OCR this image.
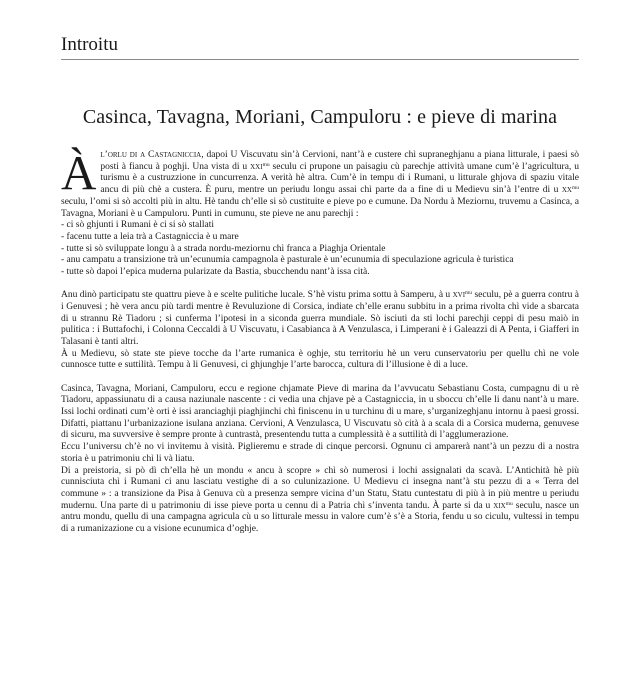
Introitu
Casinca, Tavagna, Moriani, Campuloru : e pieve di marina

Àl’orlu di a Castagniccia, dapoi U Viscuvatu sin’à Cervioni, nant’à e custere chì supraneghjanu a piana litturale, i paesi sò posti à fiancu à poghji. Una vista di u xxi$^{mu}$ seculu ci prupone un paisagiu cù parechje attività umane cum’è l’agricultura, u turismu è a custruzzione in cuncurrenza. A verità hè altra. Cum’è in tempu di i Rumani, u litturale ghjova di spaziu vitale ancu di più chè a custera. È puru, mentre un periudu longu assai chì parte da a fine di u Medievu sin’à l’entre di u $xx^{mu}$ seculu, l’omi si sò accolti più in altu. Hè tandu ch’elle si sò custituite e pieve po e cumune. Da Nordu à Meziornu, truvemu a Casinca, a Tavagna, Moriani è u Campuloru. Punti in cumunu, ste pieve ne anu parechji :

- ci sò ghjunti i Rumani è ci si sò stallati
- facenu tutte a leia trà a Castagniccia è u mare
- tutte si sò sviluppate longu à a strada nordu-meziornu chì franca a Piaghja Orientale
- anu campatu a transizione trà un’ecunumia campagnola è pasturale è un’ecunumia di speculazione agricula è turistica
- tutte sò dapoi l’epica muderna pularizate da Bastia, sbucchendu nant’à issa cità.

Anu dinò participatu ste quattru pieve à e scelte pulitiche lucale. S’hè vistu prima sottu à Samperu, à u xvi$^{mu}$ seculu, pè a guerra contru à i Genuvesi ; hè vera ancu più tardi mentre è Revuluzione di Corsica, indiate ch’elle eranu subbitu in a prima rivolta chì vide a sbarcata di u strannu Rè Tiadoru ; si cunferma l’ipotesi in a siconda guerra mundiale. Sò isciuti da sti lochi parechji ceppi di pesu maiò in pulitica : i Buttafochi, i Colonna Ceccaldi à U Viscuvatu, i Casabianca à A Venzulasca, i Limperani è i Galeazzi di A Penta, i Giafferi in Talasani è tanti altri.

À u Medievu, sò state ste pieve tocche da l’arte rumanica è oghje, stu territoriu hè un veru cunservatoriu per quellu chì ne vole cunnosce tutte e suttilità. Tempu à li Genuvesi, ci ghjunghje l’arte barocca, cultura di l’illusione è di a luce.

Casinca, Tavagna, Moriani, Campuloru, eccu e regione chjamate Pieve di marina da l’avvucatu Sebastianu Costa, cumpagnu di u rè Tiadoru, appassiunatu di a causa naziunale nascente : ci vedia una chjave pè a Castagniccia, in u sboccu ch’elle li danu nant’à u mare. Issi lochi ordinati cum’è orti è issi aranciaghji piaghjinchi chì finiscenu in u turchinu di u mare, s’urganizeghjanu intornu à paesi grossi. Difatti, piattanu l’urbanizazione isulana anziana. Cervioni, A Venzulasca, U Viscuvatu sò cità à a scala di a Corsica muderna, genuvese di sicuru, ma suvversive è sempre pronte à cuntrastà, presentendu tutta a cumplessità è a suttilità di l’agglumerazione.

Eccu l’universu ch’è no vi invitemu à visità. Piglieremu e strade di cinque percorsi. Ognunu ci amparerà nant’à un pezzu di a nostra storia è u patrimoniu chì li và liatu.

Di a preistoria, si pò dì ch’ella hè un mondu « ancu à scopre » chì sò numerosi i lochi assignalati da scavà. L’Antichità hè più cunnisciuta chì i Rumani ci anu lasciatu vestighe di a so culunizazione. U Medievu ci insegna nant’à stu pezzu di a « Terra del commune » : a transizione da Pisa à Genuva cù a presenza sempre vicina d’un Statu, Statu cuntestatu di più à in più mentre u periudu mudernu. Una parte di u patrimoniu di isse pieve porta u cennu di a Patria chì s’inventa tandu. À parte si da u xix$^{mu}$ seculu, nasce un antru mondu, quellu di una campagna agricula cù u so litturale messu in valore cum’è s’è a Storia, fendu u so ciculu, vultessi in tempu di a rumanizazione cu a visione ecunumica d’oghje.
